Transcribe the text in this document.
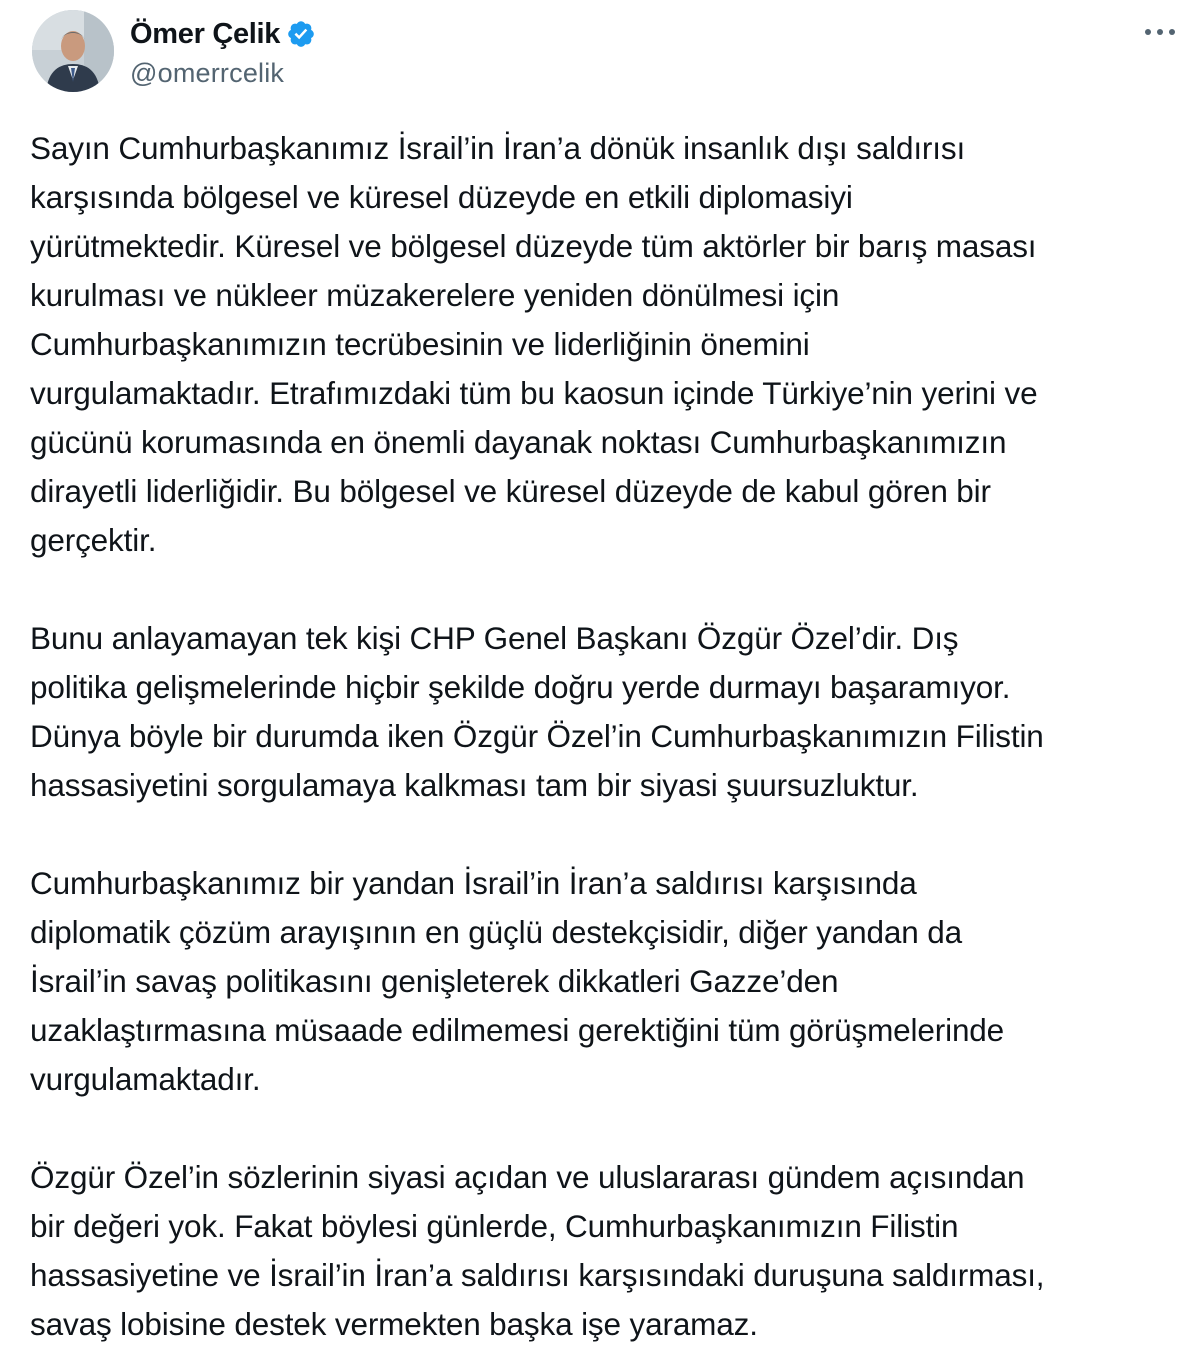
Ömer Çelik
@omerrcelik

Sayın Cumhurbaşkanımız İsrail’in İran’a dönük insanlık dışı saldırısı
karşısında bölgesel ve küresel düzeyde en etkili diplomasiyi
yürütmektedir. Küresel ve bölgesel düzeyde tüm aktörler bir barış masası
kurulması ve nükleer müzakerelere yeniden dönülmesi için
Cumhurbaşkanımızın tecrübesinin ve liderliğinin önemini
vurgulamaktadır. Etrafımızdaki tüm bu kaosun içinde Türkiye’nin yerini ve
gücünü korumasında en önemli dayanak noktası Cumhurbaşkanımızın
dirayetli liderliğidir. Bu bölgesel ve küresel düzeyde de kabul gören bir
gerçektir.

Bunu anlayamayan tek kişi CHP Genel Başkanı Özgür Özel’dir. Dış
politika gelişmelerinde hiçbir şekilde doğru yerde durmayı başaramıyor.
Dünya böyle bir durumda iken Özgür Özel’in Cumhurbaşkanımızın Filistin
hassasiyetini sorgulamaya kalkması tam bir siyasi şuursuzluktur.

Cumhurbaşkanımız bir yandan İsrail’in İran’a saldırısı karşısında
diplomatik çözüm arayışının en güçlü destekçisidir, diğer yandan da
İsrail’in savaş politikasını genişleterek dikkatleri Gazze’den
uzaklaştırmasına müsaade edilmemesi gerektiğini tüm görüşmelerinde
vurgulamaktadır.

Özgür Özel’in sözlerinin siyasi açıdan ve uluslararası gündem açısından
bir değeri yok. Fakat böylesi günlerde, Cumhurbaşkanımızın Filistin
hassasiyetine ve İsrail’in İran’a saldırısı karşısındaki duruşuna saldırması,
savaş lobisine destek vermekten başka işe yaramaz.
